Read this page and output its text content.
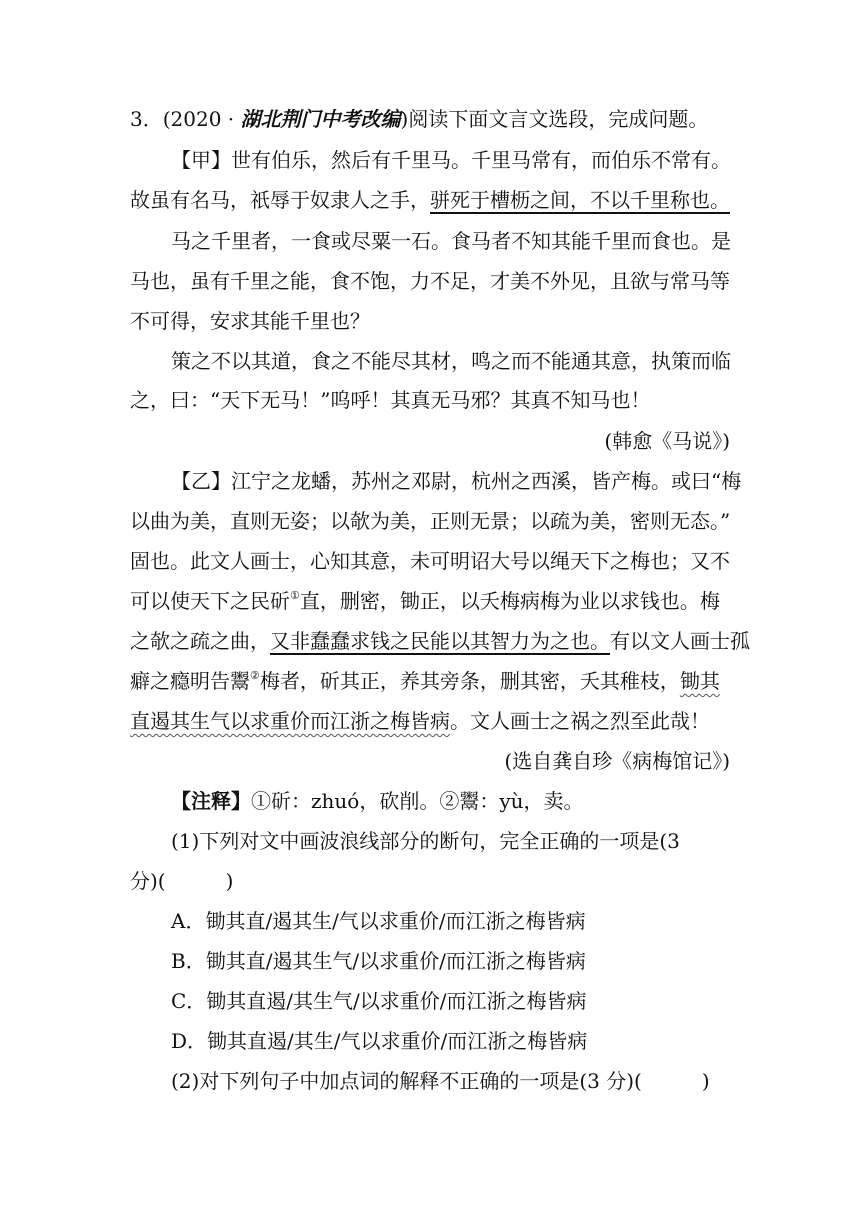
3．(2020 · 湖北荆门中考改编)阅读下面文言文选段，完成问题。
【甲】世有伯乐，然后有千里马。千里马常有，而伯乐不常有。
故虽有名马，祇辱于奴隶人之手，骈死于槽枥之间，不以千里称也。
马之千里者，一食或尽粟一石。食马者不知其能千里而食也。是
马也，虽有千里之能，食不饱，力不足，才美不外见，且欲与常马等
不可得，安求其能千里也？
策之不以其道，食之不能尽其材，鸣之而不能通其意，执策而临
之，曰：“天下无马！”呜呼！其真无马邪？其真不知马也！
(韩愈《马说》)
【乙】江宁之龙蟠，苏州之邓尉，杭州之西溪，皆产梅。或曰“梅
以曲为美，直则无姿；以欹为美，正则无景；以疏为美，密则无态。”
固也。此文人画士，心知其意，未可明诏大号以绳天下之梅也；又不
可以使天下之民斫①直，删密，锄正，以夭梅病梅为业以求钱也。梅
之欹之疏之曲，又非蠢蠢求钱之民能以其智力为之也。有以文人画士孤
癖之瘾明告鬻②梅者，斫其正，养其旁条，删其密，夭其稚枝，锄其
直遏其生气以求重价而江浙之梅皆病。文人画士之祸之烈至此哉！
(选自龚自珍《病梅馆记》)
【注释】①斫：zhuó，砍削。②鬻：yù，卖。
(1)下列对文中画波浪线部分的断句，完全正确的一项是(3
分)(　　　)
A．锄其直/遏其生/气以求重价/而江浙之梅皆病
B．锄其直/遏其生气/以求重价/而江浙之梅皆病
C．锄其直遏/其生气/以求重价/而江浙之梅皆病
D．锄其直遏/其生/气以求重价/而江浙之梅皆病
(2)对下列句子中加点词的解释不正确的一项是(3 分)(　　　)
